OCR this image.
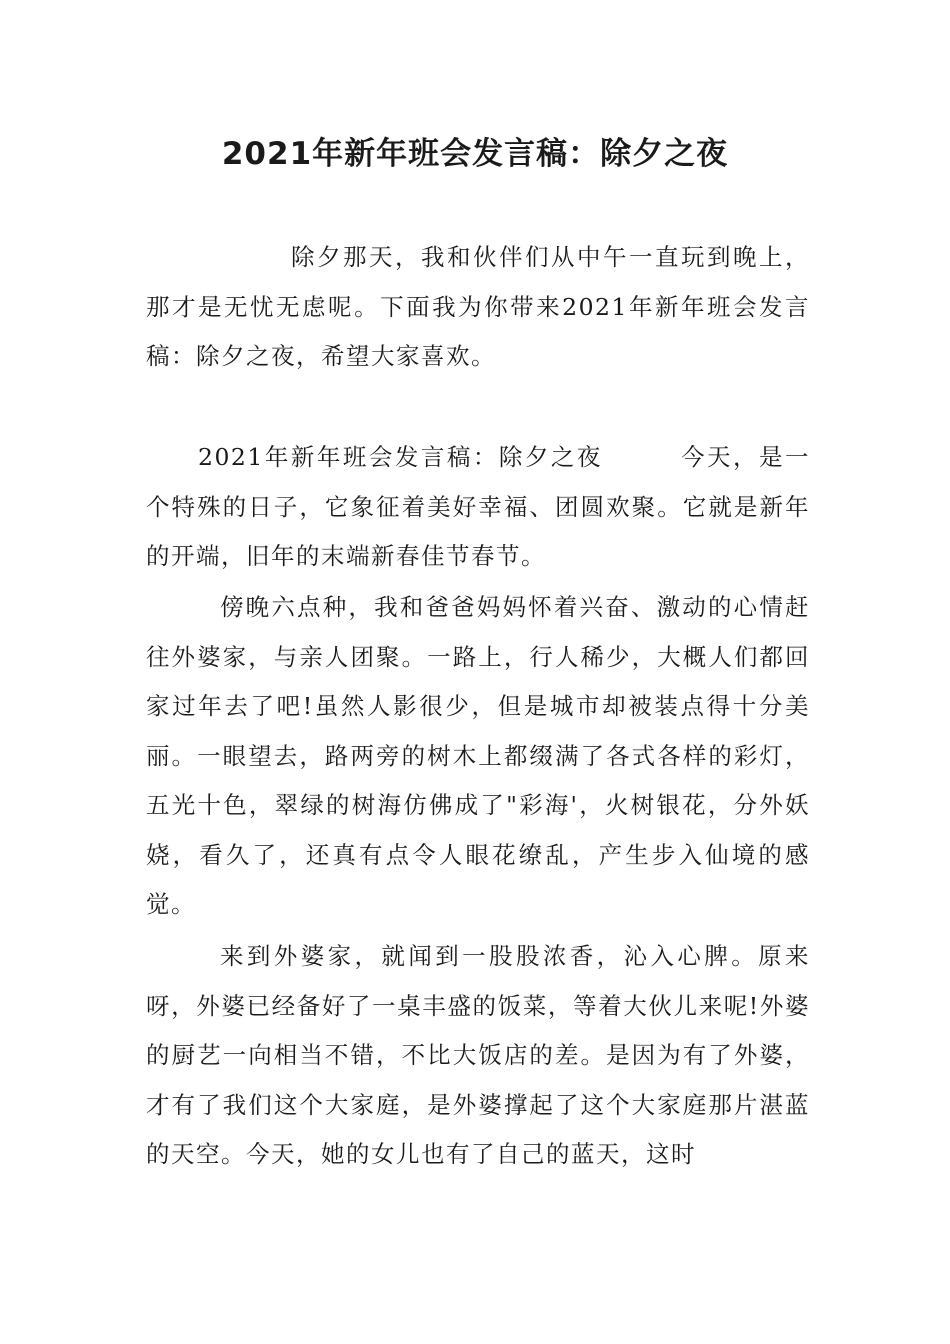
2021年新年班会发言稿：除夕之夜

除夕那天，我和伙伴们从中午一直玩到晚上，那才是无忧无虑呢。下面我为你带来2021年新年班会发言稿：除夕之夜，希望大家喜欢。

2021年新年班会发言稿：除夕之夜　　　今天，是一个特殊的日子，它象征着美好幸福、团圆欢聚。它就是新年的开端，旧年的末端新春佳节春节。

傍晚六点种，我和爸爸妈妈怀着兴奋、激动的心情赶往外婆家，与亲人团聚。一路上，行人稀少，大概人们都回家过年去了吧!虽然人影很少，但是城市却被装点得十分美丽。一眼望去，路两旁的树木上都缀满了各式各样的彩灯，五光十色，翠绿的树海仿佛成了"彩海'，火树银花，分外妖娆，看久了，还真有点令人眼花缭乱，产生步入仙境的感觉。

来到外婆家，就闻到一股股浓香，沁入心脾。原来呀，外婆已经备好了一桌丰盛的饭菜，等着大伙儿来呢!外婆的厨艺一向相当不错，不比大饭店的差。是因为有了外婆，才有了我们这个大家庭，是外婆撑起了这个大家庭那片湛蓝的天空。今天，她的女儿也有了自己的蓝天，这时
